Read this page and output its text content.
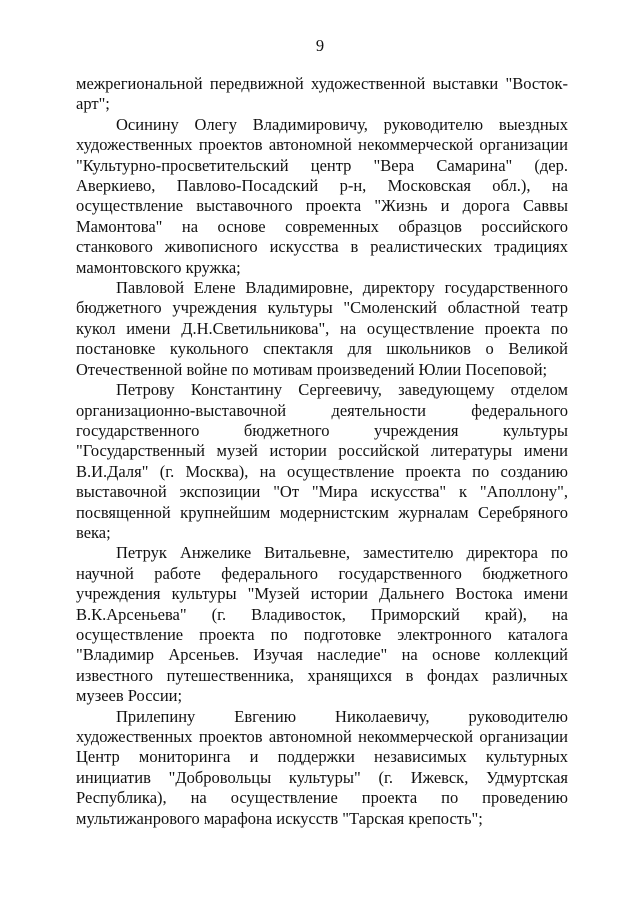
9

межрегиональной передвижной художественной выставки "Восток-арт";

Осинину Олегу Владимировичу, руководителю выездных художественных проектов автономной некоммерческой организации "Культурно-просветительский центр "Вера Самарина" (дер. Аверкиево, Павлово-Посадский р-н, Московская обл.), на осуществление выставочного проекта "Жизнь и дорога Саввы Мамонтова" на основе современных образцов российского станкового живописного искусства в реалистических традициях мамонтовского кружка;

Павловой Елене Владимировне, директору государственного бюджетного учреждения культуры "Смоленский областной театр кукол имени Д.Н.Светильникова", на осуществление проекта по постановке кукольного спектакля для школьников о Великой Отечественной войне по мотивам произведений Юлии Посеповой;

Петрову Константину Сергеевичу, заведующему отделом организационно-выставочной деятельности федерального государственного бюджетного учреждения культуры "Государственный музей истории российской литературы имени В.И.Даля" (г. Москва), на осуществление проекта по созданию выставочной экспозиции "От "Мира искусства" к "Аполлону", посвященной крупнейшим модернистским журналам Серебряного века;

Петрук Анжелике Витальевне, заместителю директора по научной работе федерального государственного бюджетного учреждения культуры "Музей истории Дальнего Востока имени В.К.Арсеньева" (г. Владивосток, Приморский край), на осуществление проекта по подготовке электронного каталога "Владимир Арсеньев. Изучая наследие" на основе коллекций известного путешественника, хранящихся в фондах различных музеев России;

Прилепину Евгению Николаевичу, руководителю художественных проектов автономной некоммерческой организации Центр мониторинга и поддержки независимых культурных инициатив "Добровольцы культуры" (г. Ижевск, Удмуртская Республика), на осуществление проекта по проведению мультижанрового марафона искусств "Тарская крепость";
